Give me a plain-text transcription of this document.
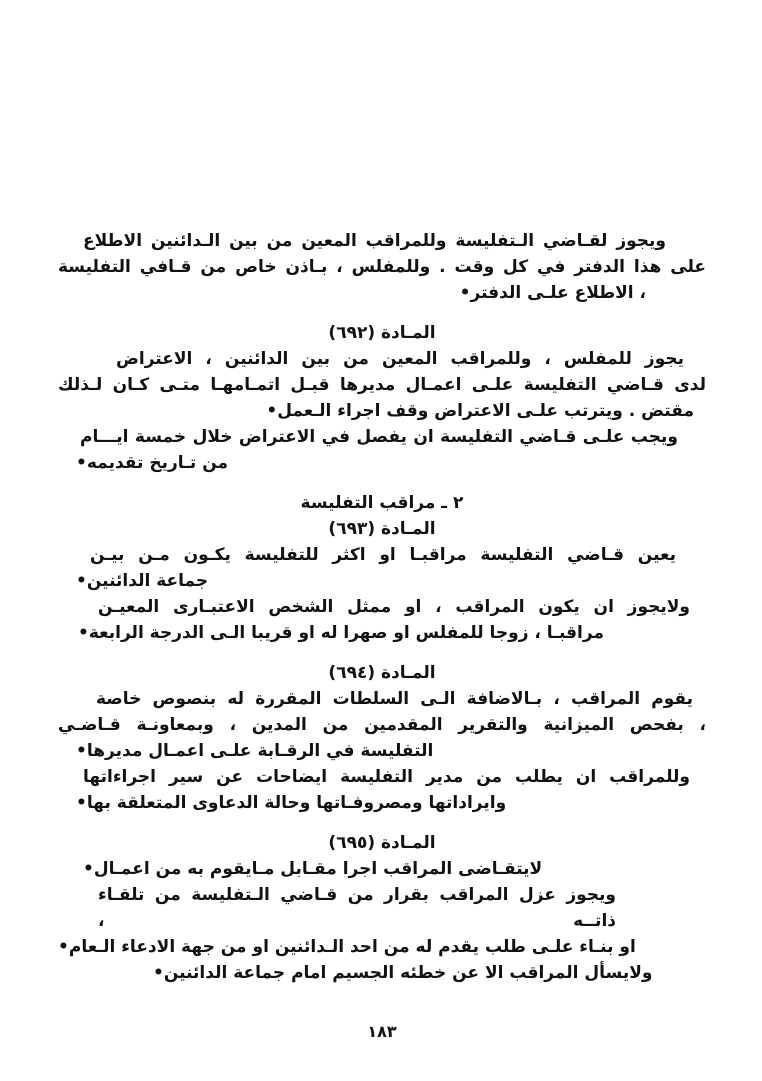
ويجوز لقـاضي الـتفليسة وللمراقب المعين من بين الـدائنين الاطلاع
على هذا الدفتر في كل وقت . وللمفلس ، بـاذن خاص من قـافي التفليسة
، الاطلاع علـى الدفتر•
المـادة (٦٩٢)
يجوز للمفلس ، وللمراقب المعين من بين الدائنين ، الاعتراض
لدى قـاضي التفليسة علـى اعمـال مديرها قبـل اتمـامهـا متـى كـان لـذلك
مقتض . ويترتب علـى الاعتراض وقف اجراء الـعمل•
ويجب علـى قـاضي التفليسة ان يفصل في الاعتراض خلال خمسة ايـــام
من تـاريخ تقديمه•
٢ ـ مراقب التفليسة
المـادة (٦٩٣)
يعين قـاضي التفليسة مراقبـا او اكثر للتفليسة يكـون مـن بيـن
جماعة الدائنين•
ولايجوز ان يكون المراقب ، او ممثل الشخص الاعتبـارى المعيـن
مراقبـا ، زوجا للمفلس او صهرا له او قريبا الـى الدرجة الرابعة•
المـادة (٦٩٤)
يقوم المراقب ، بـالاضافة الـى السلطات المقررة له بنصوص خاصة
، بفحص الميزانية والتقرير المقدمين من المدين ، وبمعاونـة قـاضـي
التفليسة في الرقـابة علـى اعمـال مديرها•
وللمراقب ان يطلب من مدير التفليسة ايضاحات عن سير اجراءاتها
وايراداتها ومصروفـاتها وحالة الدعاوى المتعلقة بها•
المـادة (٦٩٥)
لايتقـاضى المراقب اجرا مقـابل مـايقوم به من اعمـال•
ويجوز عزل المراقب بقرار من قـاضي الـتفليسة من تلقـاء ذاتــه ،
او بنـاء علـى طلب يقدم له من احد الـدائنين او من جهة الادعاء الـعام•
ولايسأل المراقب الا عن خطئه الجسيم امام جماعة الدائنين•
١٨٣
